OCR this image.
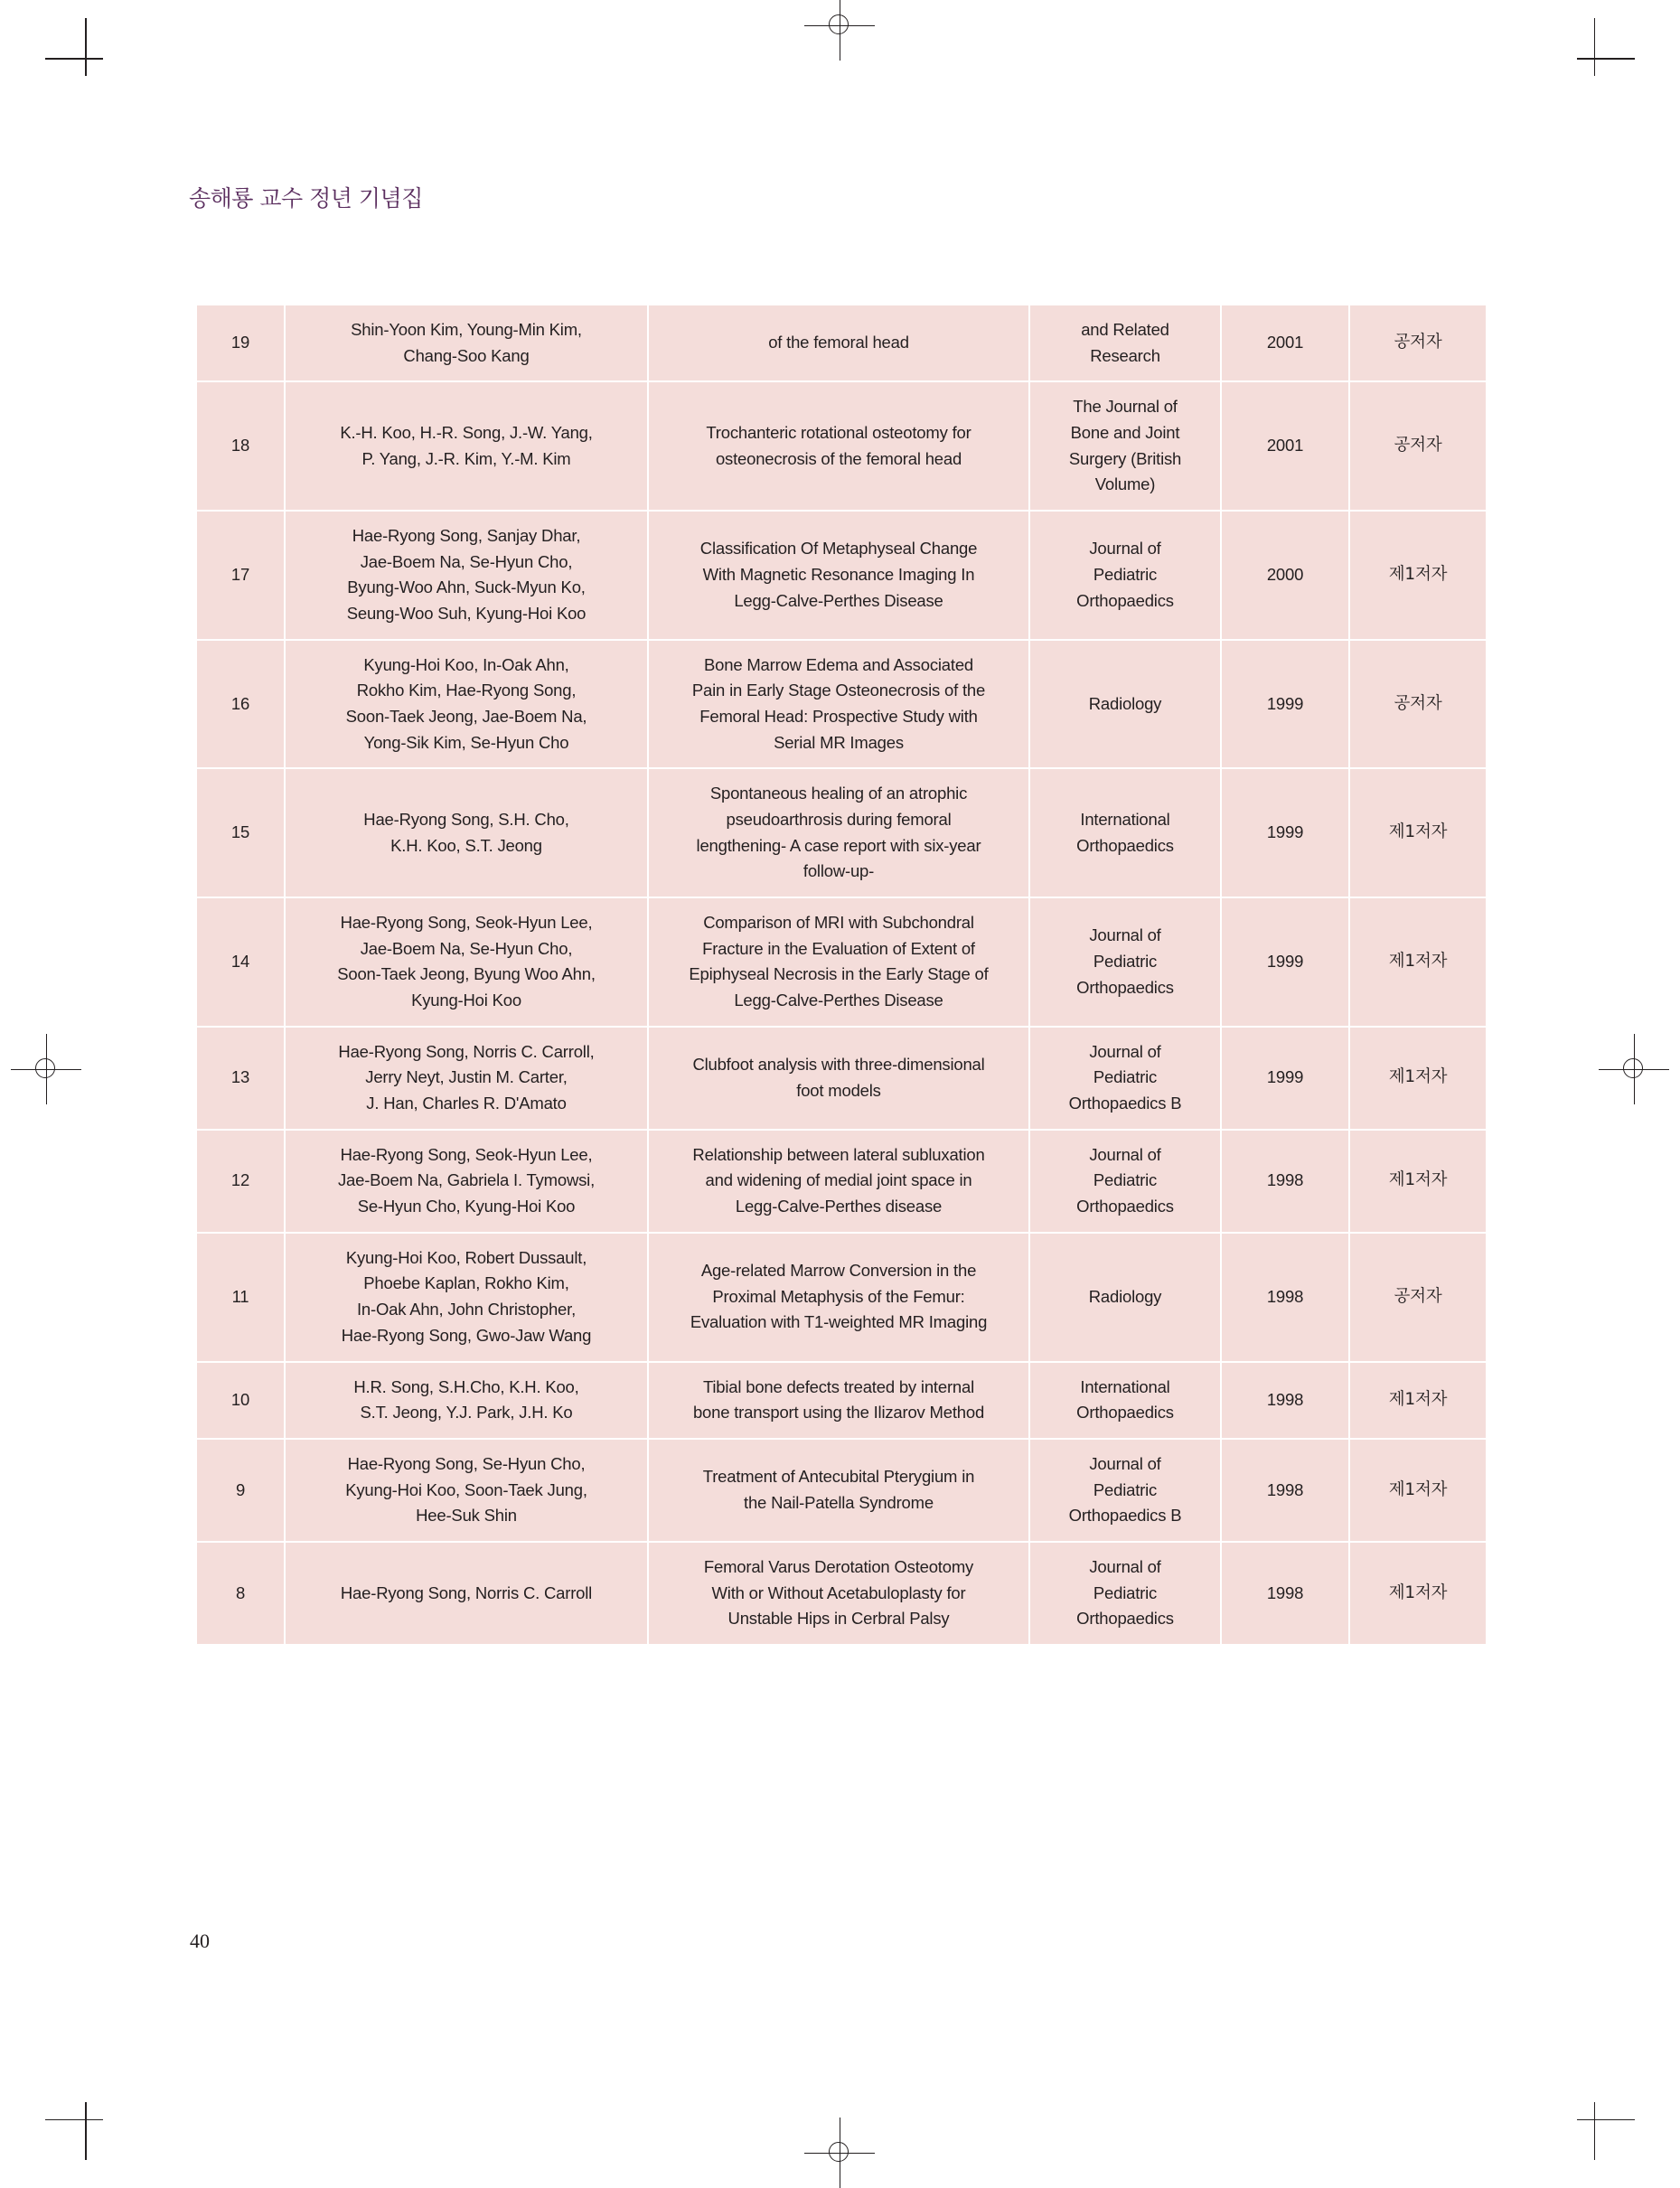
송해룡 교수 정년 기념집
19	Shin-Yoon Kim, Young-Min Kim,
Chang-Soo Kang	of the femoral head	and Related
Research	2001	공저자
18	K.-H. Koo, H.-R. Song, J.-W. Yang,
P. Yang, J.-R. Kim, Y.-M. Kim	Trochanteric rotational osteotomy for
osteonecrosis of the femoral head	The Journal of
Bone and Joint
Surgery (British
Volume)	2001	공저자
17	Hae-Ryong Song, Sanjay Dhar,
Jae-Boem Na, Se-Hyun Cho,
Byung-Woo Ahn, Suck-Myun Ko,
Seung-Woo Suh, Kyung-Hoi Koo	Classification Of Metaphyseal Change
With Magnetic Resonance Imaging In
Legg-Calve-Perthes Disease	Journal of
Pediatric
Orthopaedics	2000	제1저자
16	Kyung-Hoi Koo, In-Oak Ahn,
Rokho Kim, Hae-Ryong Song,
Soon-Taek Jeong, Jae-Boem Na,
Yong-Sik Kim, Se-Hyun Cho	Bone Marrow Edema and Associated
Pain in Early Stage Osteonecrosis of the
Femoral Head: Prospective Study with
Serial MR Images	Radiology	1999	공저자
15	Hae-Ryong Song, S.H. Cho,
K.H. Koo, S.T. Jeong	Spontaneous healing of an atrophic
pseudoarthrosis during femoral
lengthening- A case report with six-year
follow-up-	International
Orthopaedics	1999	제1저자
14	Hae-Ryong Song, Seok-Hyun Lee,
Jae-Boem Na, Se-Hyun Cho,
Soon-Taek Jeong, Byung Woo Ahn,
Kyung-Hoi Koo	Comparison of MRI with Subchondral
Fracture in the Evaluation of Extent of
Epiphyseal Necrosis in the Early Stage of
Legg-Calve-Perthes Disease	Journal of
Pediatric
Orthopaedics	1999	제1저자
13	Hae-Ryong Song, Norris C. Carroll,
Jerry Neyt, Justin M. Carter,
J. Han, Charles R. D'Amato	Clubfoot analysis with three-dimensional
foot models	Journal of
Pediatric
Orthopaedics B	1999	제1저자
12	Hae-Ryong Song, Seok-Hyun Lee,
Jae-Boem Na, Gabriela I. Tymowsi,
Se-Hyun Cho, Kyung-Hoi Koo	Relationship between lateral subluxation
and widening of medial joint space in
Legg-Calve-Perthes disease	Journal of
Pediatric
Orthopaedics	1998	제1저자
11	Kyung-Hoi Koo, Robert Dussault,
Phoebe Kaplan, Rokho Kim,
In-Oak Ahn, John Christopher,
Hae-Ryong Song, Gwo-Jaw Wang	Age-related Marrow Conversion in the
Proximal Metaphysis of the Femur:
Evaluation with T1-weighted MR Imaging	Radiology	1998	공저자
10	H.R. Song, S.H.Cho, K.H. Koo,
S.T. Jeong, Y.J. Park, J.H. Ko	Tibial bone defects treated by internal
bone transport using the Ilizarov Method	International
Orthopaedics	1998	제1저자
9	Hae-Ryong Song, Se-Hyun Cho,
Kyung-Hoi Koo, Soon-Taek Jung,
Hee-Suk Shin	Treatment of Antecubital Pterygium in
the Nail-Patella Syndrome	Journal of
Pediatric
Orthopaedics B	1998	제1저자
8	Hae-Ryong Song, Norris C. Carroll	Femoral Varus Derotation Osteotomy
With or Without Acetabuloplasty for
Unstable Hips in Cerbral Palsy	Journal of
Pediatric
Orthopaedics	1998	제1저자
40
